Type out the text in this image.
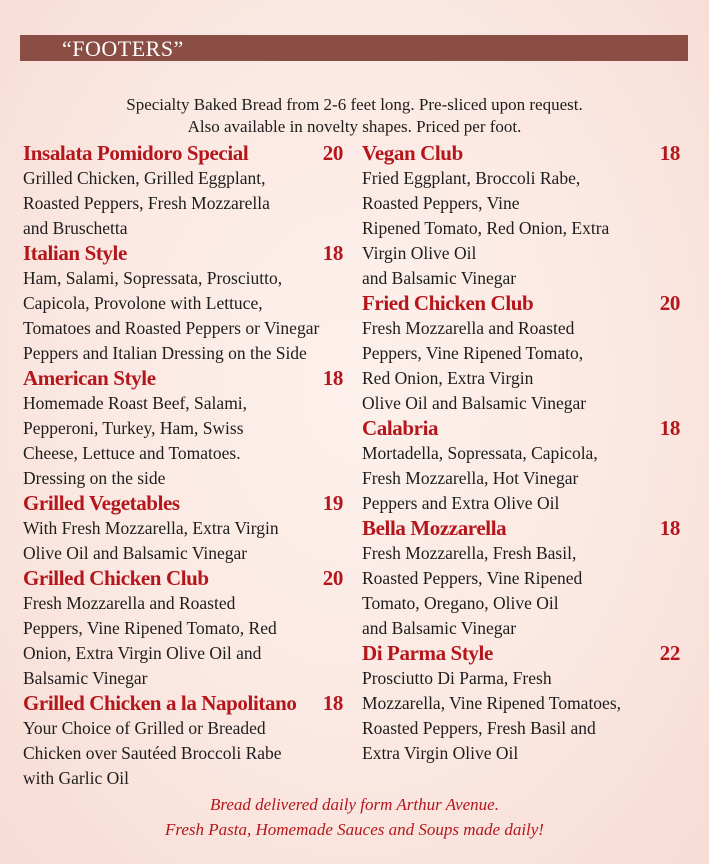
“FOOTERS”
Specialty Baked Bread from 2-6 feet long. Pre-sliced upon request.
Also available in novelty shapes. Priced per foot.
Insalata Pomidoro Special	20
Grilled Chicken, Grilled Eggplant,
Roasted Peppers, Fresh Mozzarella
and Bruschetta
Italian Style	18
Ham, Salami, Sopressata, Prosciutto,
Capicola, Provolone with Lettuce,
Tomatoes and Roasted Peppers or Vinegar
Peppers and Italian Dressing on the Side
American Style	18
Homemade Roast Beef, Salami,
Pepperoni, Turkey, Ham, Swiss
Cheese, Lettuce and Tomatoes.
Dressing on the side
Grilled Vegetables	19
With Fresh Mozzarella, Extra Virgin
Olive Oil and Balsamic Vinegar
Grilled Chicken Club	20
Fresh Mozzarella and Roasted
Peppers, Vine Ripened Tomato, Red
Onion, Extra Virgin Olive Oil and
Balsamic Vinegar
Grilled Chicken a la Napolitano 18
Your Choice of Grilled or Breaded
Chicken over Sautéed Broccoli Rabe
with Garlic Oil
Vegan Club	18
Fried Eggplant, Broccoli Rabe,
Roasted Peppers, Vine
Ripened Tomato, Red Onion, Extra
Virgin Olive Oil
and Balsamic Vinegar
Fried Chicken Club	20
Fresh Mozzarella and Roasted
Peppers, Vine Ripened Tomato,
Red Onion, Extra Virgin
Olive Oil and Balsamic Vinegar
Calabria	18
Mortadella, Sopressata, Capicola,
Fresh Mozzarella, Hot Vinegar
Peppers and Extra Olive Oil
Bella Mozzarella	18
Fresh Mozzarella, Fresh Basil,
Roasted Peppers, Vine Ripened
Tomato, Oregano, Olive Oil
and Balsamic Vinegar
Di Parma Style	22
Prosciutto Di Parma, Fresh
Mozzarella, Vine Ripened Tomatoes,
Roasted Peppers, Fresh Basil and
Extra Virgin Olive Oil
Bread delivered daily form Arthur Avenue.
Fresh Pasta, Homemade Sauces and Soups made daily!
